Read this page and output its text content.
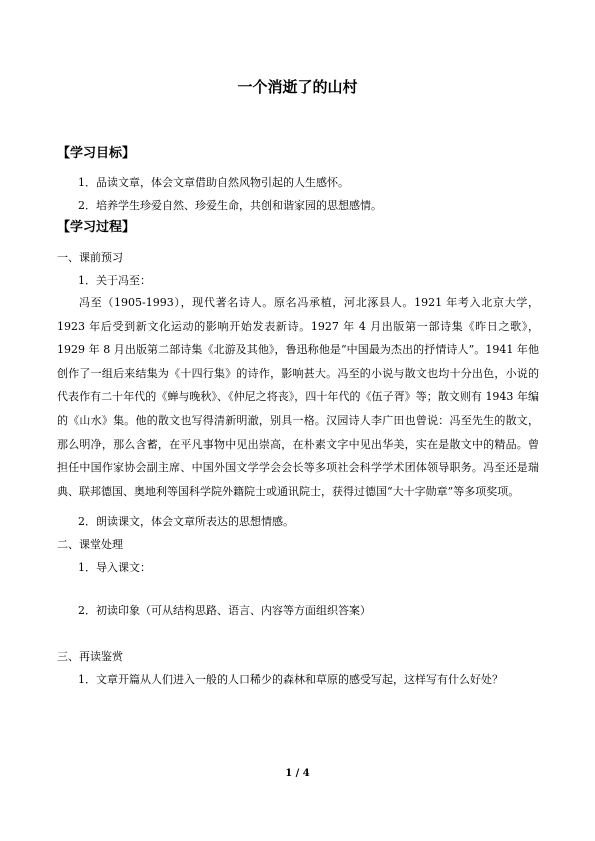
一个消逝了的山村
【学习目标】
1．品读文章，体会文章借助自然风物引起的人生感怀。
2．培养学生珍爱自然、珍爱生命，共创和谐家园的思想感情。
【学习过程】
一、课前预习
1．关于冯至：
冯至（1905-1993），现代著名诗人。原名冯承植，河北涿县人。1921 年考入北京大学，1923 年后受到新文化运动的影响开始发表新诗。1927 年 4 月出版第一部诗集《昨日之歌》，1929 年 8 月出版第二部诗集《北游及其他》，鲁迅称他是“中国最为杰出的抒情诗人”。1941 年他创作了一组后来结集为《十四行集》的诗作，影响甚大。冯至的小说与散文也均十分出色，小说的代表作有二十年代的《蝉与晚秋》、《仲尼之将丧》，四十年代的《伍子胥》等；散文则有 1943 年编的《山水》集。他的散文也写得清新明澈，别具一格。汉园诗人李广田也曾说：冯至先生的散文，那么明净，那么含蓄，在平凡事物中见出崇高，在朴素文字中见出华美，实在是散文中的精品。曾担任中国作家协会副主席、中国外国文学学会会长等多项社会科学学术团体领导职务。冯至还是瑞典、联邦德国、奥地利等国科学院外籍院士或通讯院士，获得过德国“大十字勋章”等多项奖项。
2．朗读课文，体会文章所表达的思想情感。
二、课堂处理
1．导入课文：
2．初读印象（可从结构思路、语言、内容等方面组织答案）
三、再读鉴赏
1．文章开篇从人们进入一般的人口稀少的森林和草原的感受写起，这样写有什么好处？
1 / 4
